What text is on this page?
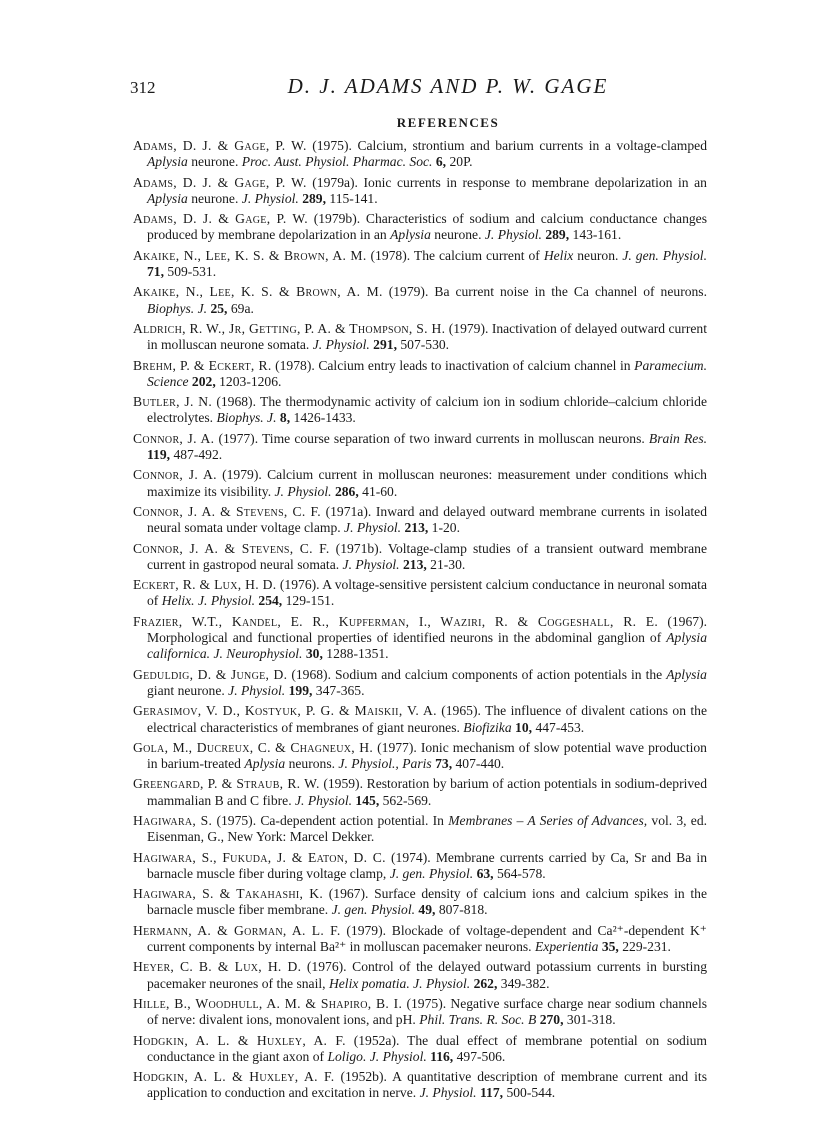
312	D. J. ADAMS AND P. W. GAGE
REFERENCES

Adams, D. J. & Gage, P. W. (1975). Calcium, strontium and barium currents in a voltage-clamped Aplysia neurone. Proc. Aust. Physiol. Pharmac. Soc. 6, 20P.

Adams, D. J. & Gage, P. W. (1979a). Ionic currents in response to membrane depolarization in an Aplysia neurone. J. Physiol. 289, 115-141.

Adams, D. J. & Gage, P. W. (1979b). Characteristics of sodium and calcium conductance changes produced by membrane depolarization in an Aplysia neurone. J. Physiol. 289, 143-161.

Akaike, N., Lee, K. S. & Brown, A. M. (1978). The calcium current of Helix neuron. J. gen. Physiol. 71, 509-531.

Akaike, N., Lee, K. S. & Brown, A. M. (1979). Ba current noise in the Ca channel of neurons. Biophys. J. 25, 69a.

Aldrich, R. W., Jr, Getting, P. A. & Thompson, S. H. (1979). Inactivation of delayed outward current in molluscan neurone somata. J. Physiol. 291, 507-530.

Brehm, P. & Eckert, R. (1978). Calcium entry leads to inactivation of calcium channel in Paramecium. Science 202, 1203-1206.

Butler, J. N. (1968). The thermodynamic activity of calcium ion in sodium chloride–calcium chloride electrolytes. Biophys. J. 8, 1426-1433.

Connor, J. A. (1977). Time course separation of two inward currents in molluscan neurons. Brain Res. 119, 487-492.

Connor, J. A. (1979). Calcium current in molluscan neurones: measurement under conditions which maximize its visibility. J. Physiol. 286, 41-60.

Connor, J. A. & Stevens, C. F. (1971a). Inward and delayed outward membrane currents in isolated neural somata under voltage clamp. J. Physiol. 213, 1-20.

Connor, J. A. & Stevens, C. F. (1971b). Voltage-clamp studies of a transient outward membrane current in gastropod neural somata. J. Physiol. 213, 21-30.

Eckert, R. & Lux, H. D. (1976). A voltage-sensitive persistent calcium conductance in neuronal somata of Helix. J. Physiol. 254, 129-151.

Frazier, W.T., Kandel, E. R., Kupferman, I., Waziri, R. & Coggeshall, R. E. (1967). Morphological and functional properties of identified neurons in the abdominal ganglion of Aplysia californica. J. Neurophysiol. 30, 1288-1351.

Geduldig, D. & Junge, D. (1968). Sodium and calcium components of action potentials in the Aplysia giant neurone. J. Physiol. 199, 347-365.

Gerasimov, V. D., Kostyuk, P. G. & Maiskii, V. A. (1965). The influence of divalent cations on the electrical characteristics of membranes of giant neurones. Biofizika 10, 447-453.

Gola, M., Ducreux, C. & Chagneux, H. (1977). Ionic mechanism of slow potential wave production in barium-treated Aplysia neurons. J. Physiol., Paris 73, 407-440.

Greengard, P. & Straub, R. W. (1959). Restoration by barium of action potentials in sodium-deprived mammalian B and C fibre. J. Physiol. 145, 562-569.

Hagiwara, S. (1975). Ca-dependent action potential. In Membranes – A Series of Advances, vol. 3, ed. Eisenman, G., New York: Marcel Dekker.

Hagiwara, S., Fukuda, J. & Eaton, D. C. (1974). Membrane currents carried by Ca, Sr and Ba in barnacle muscle fiber during voltage clamp, J. gen. Physiol. 63, 564-578.

Hagiwara, S. & Takahashi, K. (1967). Surface density of calcium ions and calcium spikes in the barnacle muscle fiber membrane. J. gen. Physiol. 49, 807-818.

Hermann, A. & Gorman, A. L. F. (1979). Blockade of voltage-dependent and Ca²⁺-dependent K⁺ current components by internal Ba²⁺ in molluscan pacemaker neurons. Experientia 35, 229-231.

Heyer, C. B. & Lux, H. D. (1976). Control of the delayed outward potassium currents in bursting pacemaker neurones of the snail, Helix pomatia. J. Physiol. 262, 349-382.

Hille, B., Woodhull, A. M. & Shapiro, B. I. (1975). Negative surface charge near sodium channels of nerve: divalent ions, monovalent ions, and pH. Phil. Trans. R. Soc. B 270, 301-318.

Hodgkin, A. L. & Huxley, A. F. (1952a). The dual effect of membrane potential on sodium conductance in the giant axon of Loligo. J. Physiol. 116, 497-506.

Hodgkin, A. L. & Huxley, A. F. (1952b). A quantitative description of membrane current and its application to conduction and excitation in nerve. J. Physiol. 117, 500-544.
